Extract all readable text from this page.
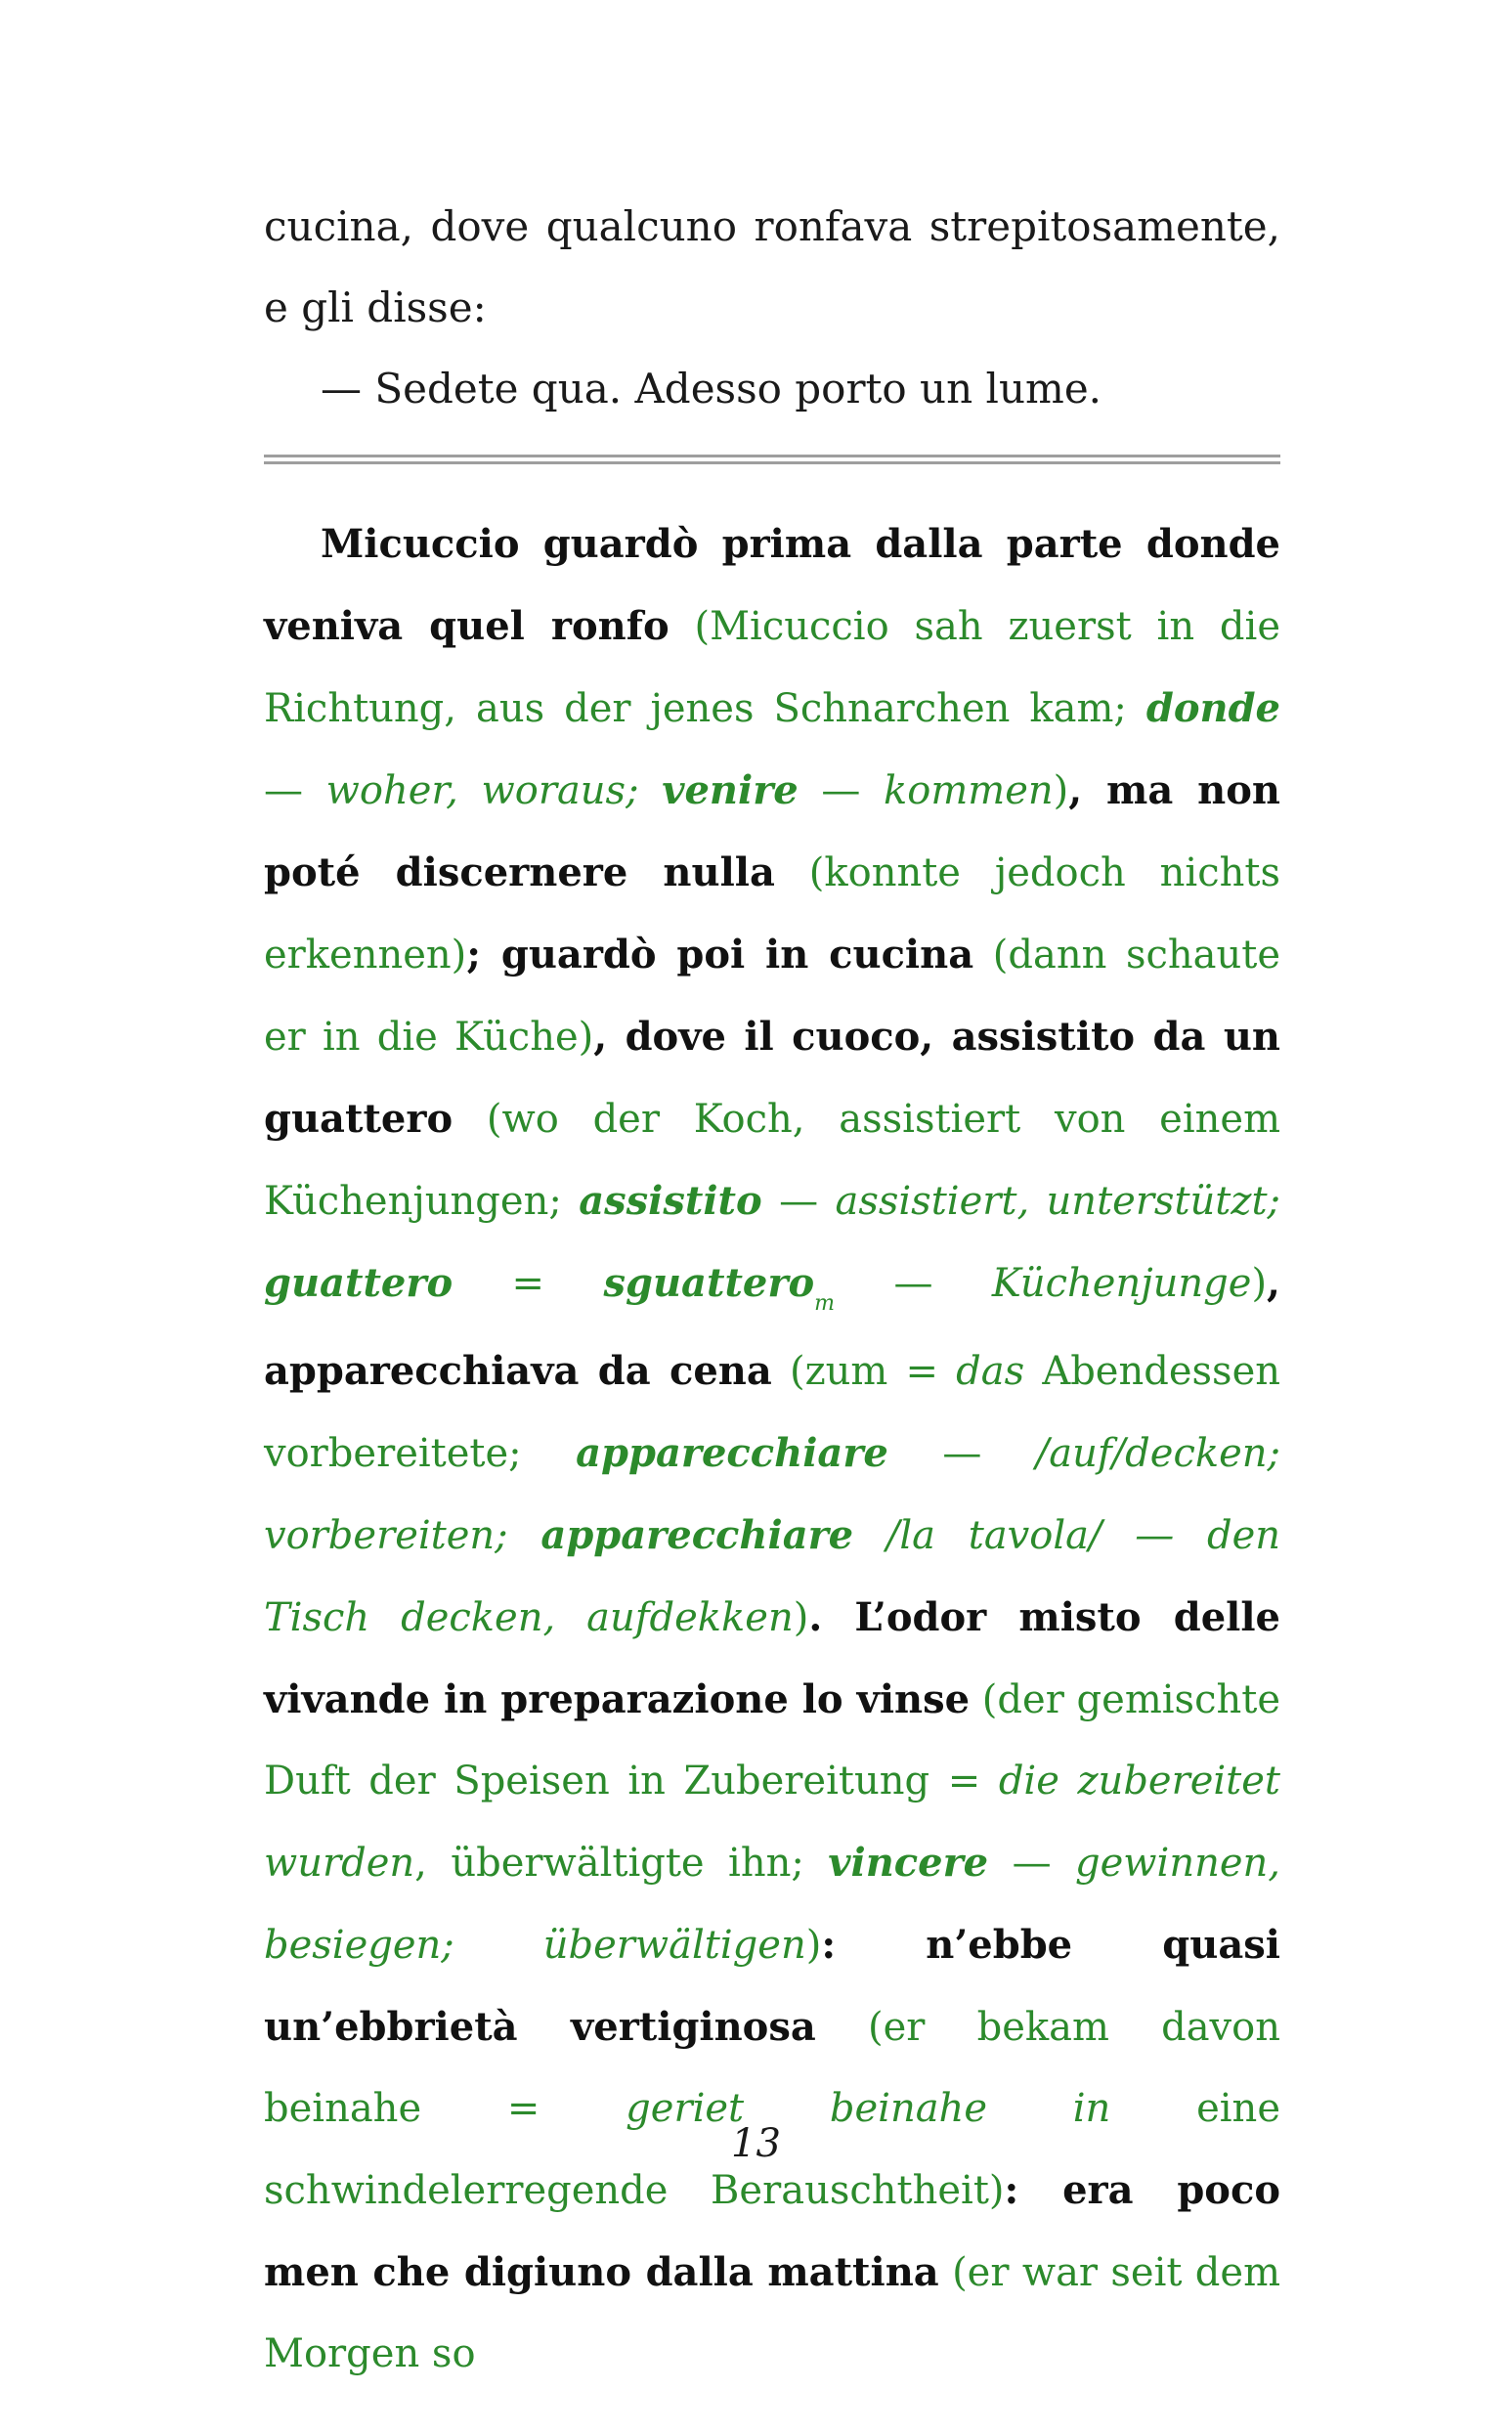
cucina, dove qualcuno ronfava strepitosamente, e gli disse:

— Sedete qua. Adesso porto un lume.

Micuccio guardò prima dalla parte donde veniva quel ronfo (Micuccio sah zuerst in die Richtung, aus der jenes Schnarchen kam; donde — woher, woraus; venire — kommen), ma non poté discernere nulla (konnte jedoch nichts erkennen); guardò poi in cucina (dann schaute er in die Küche), dove il cuoco, assistito da un guattero (wo der Koch, assistiert von einem Küchenjungen; assistito — assistiert, unterstützt; guattero = sguattero$_m$ — Küchenjunge), apparecchiava da cena (zum = das Abendessen vorbereitete; apparecchiare — /auf/decken; vorbereiten; apparecchiare /la tavola/ — den Tisch decken, aufdekken). L’odor misto delle vivande in preparazione lo vinse (der gemischte Duft der Speisen in Zubereitung = die zubereitet wurden, überwältigte ihn; vincere — gewinnen, besiegen; überwältigen): n’ebbe quasi un’ebbrietà vertiginosa (er bekam davon beinahe = geriet beinahe in eine schwindelerregende Berauschtheit): era poco men che digiuno dalla mattina (er war seit dem Morgen so

13
